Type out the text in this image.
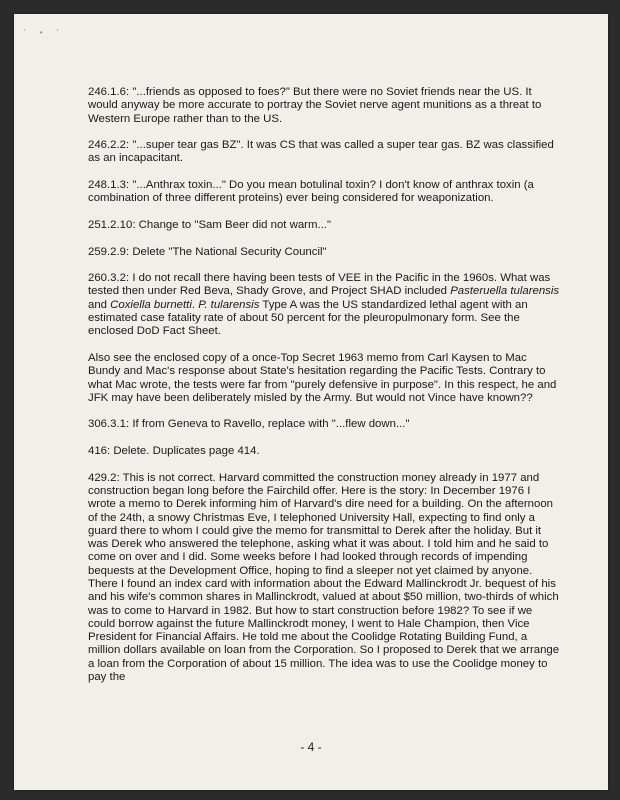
' • '

246.1.6: "...friends as opposed to foes?" But there were no Soviet friends near the US. It would anyway be more accurate to portray the Soviet nerve agent munitions as a threat to Western Europe rather than to the US.

246.2.2: "...super tear gas BZ". It was CS that was called a super tear gas. BZ was classified as an incapacitant.

248.1.3: "...Anthrax toxin..." Do you mean botulinal toxin? I don't know of anthrax toxin (a combination of three different proteins) ever being considered for weaponization.

251.2.10: Change to "Sam Beer did not warm..."

259.2.9: Delete "The National Security Council"

260.3.2: I do not recall there having been tests of VEE in the Pacific in the 1960s. What was tested then under Red Beva, Shady Grove, and Project SHAD included Pasteruella tularensis and Coxiella burnetti. P. tularensis Type A was the US standardized lethal agent with an estimated case fatality rate of about 50 percent for the pleuropulmonary form. See the enclosed DoD Fact Sheet.

Also see the enclosed copy of a once-Top Secret 1963 memo from Carl Kaysen to Mac Bundy and Mac's response about State's hesitation regarding the Pacific Tests. Contrary to what Mac wrote, the tests were far from "purely defensive in purpose". In this respect, he and JFK may have been deliberately misled by the Army. But would not Vince have known??

306.3.1: If from Geneva to Ravello, replace with "...flew down..."

416: Delete. Duplicates page 414.

429.2: This is not correct. Harvard committed the construction money already in 1977 and construction began long before the Fairchild offer. Here is the story: In December 1976 I wrote a memo to Derek informing him of Harvard's dire need for a building. On the afternoon of the 24th, a snowy Christmas Eve, I telephoned University Hall, expecting to find only a guard there to whom I could give the memo for transmittal to Derek after the holiday. But it was Derek who answered the telephone, asking what it was about. I told him and he said to come on over and I did. Some weeks before I had looked through records of impending bequests at the Development Office, hoping to find a sleeper not yet claimed by anyone. There I found an index card with information about the Edward Mallinckrodt Jr. bequest of his and his wife's common shares in Mallinckrodt, valued at about $50 million, two-thirds of which was to come to Harvard in 1982. But how to start construction before 1982? To see if we could borrow against the future Mallinckrodt money, I went to Hale Champion, then Vice President for Financial Affairs. He told me about the Coolidge Rotating Building Fund, a million dollars available on loan from the Corporation. So I proposed to Derek that we arrange a loan from the Corporation of about 15 million. The idea was to use the Coolidge money to pay the

- 4 -
